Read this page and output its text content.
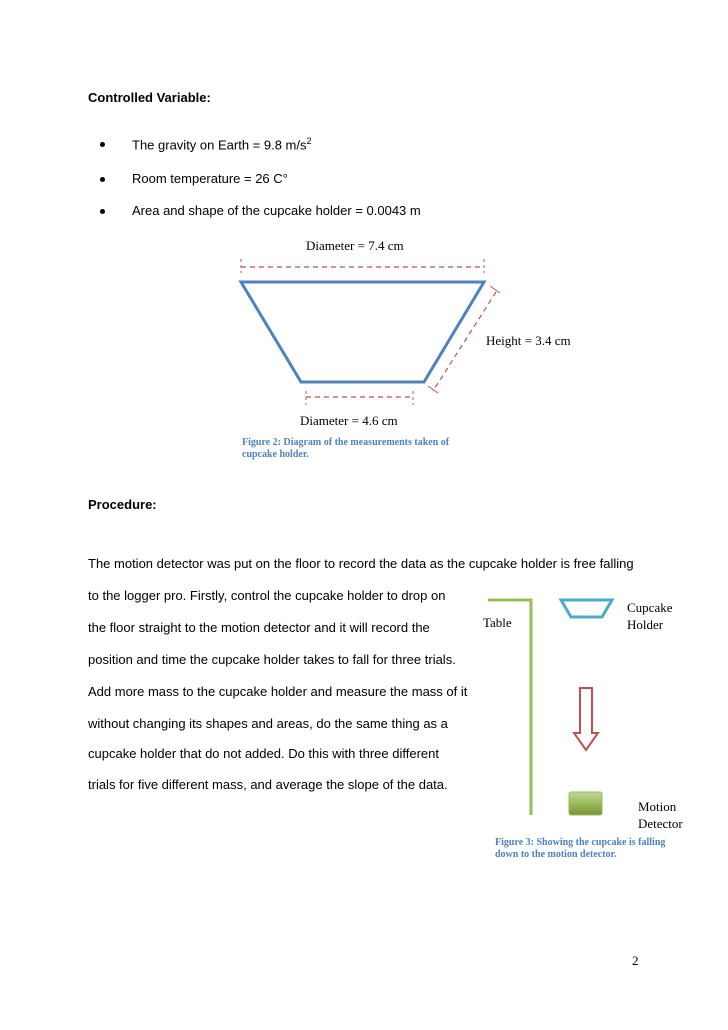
Controlled Variable:
The gravity on Earth = 9.8 $m/s^2$
Room temperature = 26 C°
Area and shape of the cupcake holder = 0.0043 m
Diameter = 7.4 cm
Height = 3.4 cm
Diameter = 4.6 cm
Figure 2: Diagram of the measurements taken of
cupcake holder.
Procedure:
The motion detector was put on the floor to record the data as the cupcake holder is free falling
to the logger pro. Firstly, control the cupcake holder to drop on
the floor straight to the motion detector and it will record the
position and time the cupcake holder takes to fall for three trials.
Add more mass to the cupcake holder and measure the mass of it
without changing its shapes and areas, do the same thing as a
cupcake holder that do not added. Do this with three different
trials for five different mass, and average the slope of the data.
Table
Cupcake
Holder
Motion
Detector
Figure 3: Showing the cupcake is falling
down to the motion detector.
2
